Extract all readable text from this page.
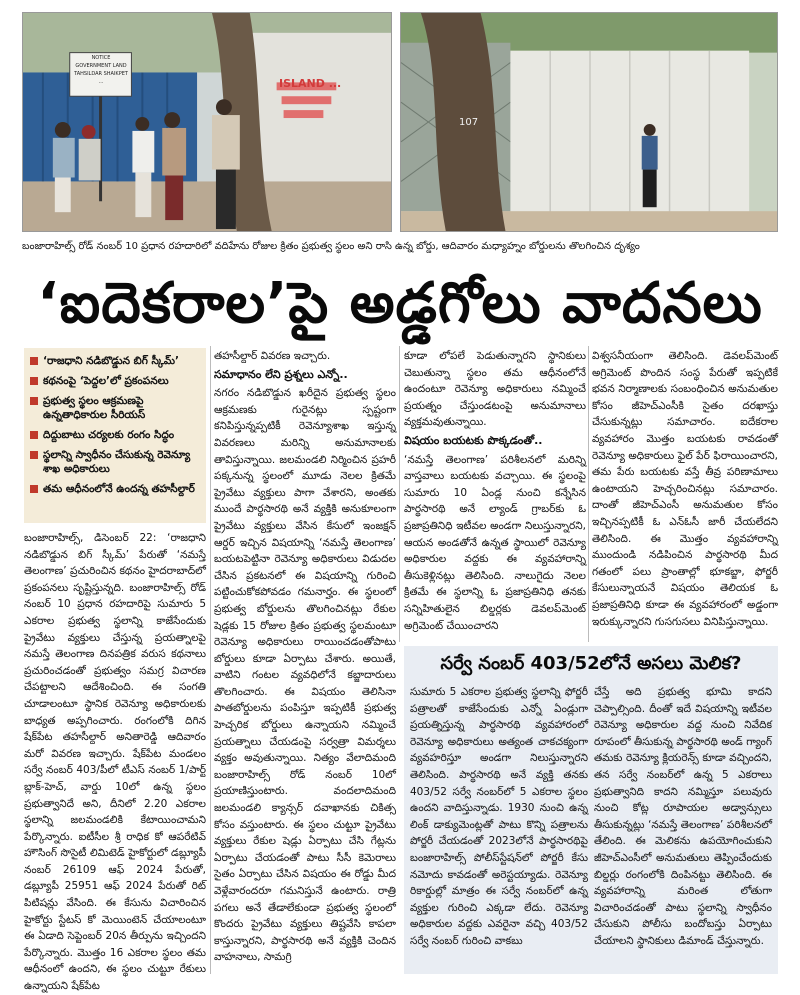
NOTICE
GOVERNMENT LAND
TAHSILDAR SHAIKPET
...	ISLAND ...
107
బంజారాహిల్స్ రోడ్ నంబర్ 10 ప్రధాన రహదారిలో వదిహేను రోజుల క్రితం ప్రభుత్వ స్థలం అని రాసి ఉన్న బోర్డు, ఆదివారం మధ్యాహ్నం బోర్డులను తొలగించిన దృశ్యం
‘ఐదెకరాల’పై అడ్డగోలు వాదనలు
‘రాజధాని నడిబొడ్డున బిగ్ స్కీమ్’
కథనంపై ‘పెద్దల’లో ప్రకంపనలు
ప్రభుత్వ స్థలం ఆక్రమణపై ఉన్నతాధికారుల సీరియస్
దిద్దుబాటు చర్యలకు రంగం సిద్ధం
స్థలాన్ని స్వాధీనం చేసుకున్న రెవెన్యూ శాఖ అధికారులు
తమ ఆధీనంలోనే ఉందన్న తహసీల్దార్

బంజారాహిల్స్, డిసెంబర్ 22: ‘రాజధాని నడిబొడ్డున బిగ్ స్కీమ్’ పేరుతో ‘నమస్తే తెలంగాణ’ ప్రచురించిన కథనం హైదరాబాద్‌లో ప్రకంపనలు సృష్టిస్తున్నది. బంజారాహిల్స్ రోడ్ నంబర్ 10 ప్రధాన రహదారిపై సుమారు 5 ఎకరాల ప్రభుత్వ స్థలాన్ని కాజేసేందుకు ప్రైవేటు వ్యక్తులు చేస్తున్న ప్రయత్నాలపై నమస్తే తెలంగాణ దినపత్రిక వరుస కథనాలు ప్రచురించడంతో ప్రభుత్వం సమగ్ర విచారణ చేపట్టాలని ఆదేశించింది. ఈ సంగతి చూడాలంటూ స్థానిక రెవెన్యూ అధికారులకు బాధ్యత అప్పగించారు. రంగంలోకి దిగిన షేక్‌పేట తహసీల్దార్ అనితారెడ్డి ఆదివారం మరో వివరణ ఇచ్చారు. షేక్‌పేట మండలం సర్వే నంబర్ 403/పీలో టీఎస్ నంబర్ 1/పార్ట్ బ్లాక్-హెచ్, వార్డు 10లో ఉన్న స్థలం ప్రభుత్వానిదే అని, దీనిలో 2.20 ఎకరాల స్థలాన్ని జలమండలికి కేటాయించామని పేర్కొన్నారు. ఐటీసీల శ్రీ రాధిక కో ఆపరేటివ్ హౌసింగ్ సొసైటీ లిమిటెడ్ హైకోర్టులో డబ్ల్యూపీ నంబర్ 26109 ఆఫ్ 2024 పేరుతో, డబ్ల్యూపీ 25951 ఆఫ్ 2024 పేరుతో రిట్ పిటిషన్లు వేసింది. ఈ కేసును విచారించిన హైకోర్టు స్టేటస్ కో మెయింటెన్ చేయాలంటూ ఈ ఏడాది సెప్టెంబర్ 20న తీర్పును ఇచ్చిందని పేర్కొన్నారు. మొత్తం 16 ఎకరాల స్థలం తమ ఆధీనంలో ఉందని, ఈ స్థలం చుట్టూ రేకులు ఉన్నాయని షేక్‌పేట

తహసీల్దార్ వివరణ ఇచ్చారు.

సమాధానం లేని ప్రశ్నలు ఎన్నో..

నగరం నడిబొడ్డున ఖరీదైన ప్రభుత్వ స్థలం ఆక్రమణకు గురైనట్లు స్పష్టంగా కనిపిస్తున్నప్పటికీ రెవెన్యూశాఖ ఇస్తున్న వివరణలు మరిన్ని అనుమానాలకు తావిస్తున్నాయి. జలమండలి నిర్మించిన ప్రహరీ పక్కనున్న స్థలంలో మూడు నెలల క్రితమే ప్రైవేటు వ్యక్తులు పాగా వేశారని, అంతకు ముందే పార్థసారథి అనే వ్యక్తికి అనుకూలంగా ప్రైవేటు వ్యక్తులు వేసిన కేసులో ఇంజక్షన్ ఆర్డర్ ఇచ్చిన విషయాన్ని ‘నమస్తే తెలంగాణ’ బయటపెట్టినా రెవెన్యూ అధికారులు విడుదల చేసిన ప్రకటనలో ఈ విషయాన్ని గురించి పట్టించుకోకపోవడం గమనార్హం. ఈ స్థలంలో ప్రభుత్వ బోర్డులను తొలగించినట్లు రేకుల షెడ్లకు 15 రోజుల క్రితం ప్రభుత్వ స్థలమంటూ రెవెన్యూ అధికారులు రాయించడంతోపాటు బోర్డులు కూడా ఏర్పాటు చేశారు. అయితే, వాటిని గంటల వ్యవధిలోనే కబ్జాదారులు తొలగించారు. ఈ విషయం తెలిసినా పాతబోర్డులను పంపిస్తూ ఇప్పటికీ ప్రభుత్వ హెచ్చరిక బోర్డులు ఉన్నాయని నమ్మించే ప్రయత్నాలు చేయడంపై సర్వత్రా విమర్శలు వ్యక్తం అవుతున్నాయి. నిత్యం వేలాదిమంది బంజారాహిల్స్ రోడ్ నంబర్ 10లో ప్రయాణిస్తుంటారు. వందలాదిమంది జలమండలి క్యాన్సర్ దవాఖానకు చికిత్స కోసం వస్తుంటారు. ఈ స్థలం చుట్టూ ప్రైవేటు వ్యక్తులు రేకుల షెడ్లు ఏర్పాటు చేసి గేట్లను ఏర్పాటు చేయడంతో పాటు సీసీ కెమెరాలు సైతం ఏర్పాటు చేసిన విషయం ఈ రోడ్డు మీద వెళ్లేవారందరూ గమనిస్తునే ఉంటారు. రాత్రి పగలు అనే తేడాలేకుండా ప్రభుత్వ స్థలంలో కొందరు ప్రైవేటు వ్యక్తులు తిష్టవేసి కాపలా కాస్తున్నారని, పార్థసారథి అనే వ్యక్తికి చెందిన వాహనాలు, సామగ్రి

కూడా లోపలే పెడుతున్నారని స్థానికులు చెబుతున్నా స్థలం తమ ఆధీనంలోనే ఉందంటూ రెవెన్యూ అధికారులు నమ్మించే ప్రయత్నం చేస్తుండటంపై అనుమానాలు వ్యక్తమవుతున్నాయి.

విషయం బయటకు పొక్కడంతో..

‘నమస్తే తెలంగాణ’ పరిశీలనలో మరిన్ని వాస్తవాలు బయటకు వచ్చాయి. ఈ స్థలంపై సుమారు 10 ఏండ్ల నుంచి కన్నేసిన పార్థసారథి అనే ల్యాండ్ గ్రాబర్‌కు ఓ ప్రజాప్రతినిధి ఇటీవల అండగా నిలుస్తున్నారని, ఆయన అండతోనే ఉన్నత స్థాయిలో రెవెన్యూ అధికారుల వద్దకు ఈ వ్యవహారాన్ని తీసుకెళ్లినట్లు తెలిసింది. నాలుగైదు నెలల క్రితమే ఈ స్థలాన్ని ఓ ప్రజాప్రతినిధి తనకు సన్నిహితులైన బిల్డర్లకు డెవలప్‌మెంట్ అగ్రిమెంట్ చేయించారని

విశ్వసనీయంగా తెలిసింది. డెవలప్‌మెంట్ అగ్రిమెంట్ పొందిన సంస్థ పేరుతో ఇప్పటికే భవన నిర్మాణాలకు సంబంధించిన అనుమతుల కోసం జీహెచ్‌ఎంసీకి సైతం దరఖాస్తు చేసుకున్నట్లు సమాచారం. ఐదేకరాల వ్యవహారం మొత్తం బయటకు రావడంతో రెవెన్యూ అధికారులు ఫైల్ పేర్ ఫిరాయించారని, తమ పేరు బయటకు వస్తే తీవ్ర పరిణామాలు ఉంటాయని హెచ్చరించినట్లు సమాచారం. దాంతో జీహెచ్‌ఎంసీ అనుమతుల కోసం ఇచ్చినప్పటికీ ఓ ఎన్‌ఓసీ జారీ చేయలేదని తెలిసింది. ఈ మొత్తం వ్యవహారాన్ని ముందుండి నడిపించిన పార్థసారథి మీద గతంలో పలు ప్రాంతాల్లో భూకబ్జా, ఫోర్జరీ కేసులున్నాయనే విషయం తెలియక ఓ ప్రజాప్రతినిధి కూడా ఈ వ్యవహారంలో అడ్డంగా ఇరుక్కున్నారని గుసగుసలు వినిపిస్తున్నాయి.

సర్వే నంబర్ 403/52లోనే అసలు మెలిక?

సుమారు 5 ఎకరాల ప్రభుత్వ స్థలాన్ని ఫోర్జరీ పత్రాలతో కాజేసేందుకు ఎన్నో ఏండ్లుగా ప్రయత్నిస్తున్న పార్థసారథి వ్యవహారంలో రెవెన్యూ అధికారులు అత్యంత చాకచక్యంగా వ్యవహరిస్తూ అండగా నిలుస్తున్నారని తెలిసింది. పార్థసారథి అనే వ్యక్తి తనకు 403/52 సర్వే నంబర్‌లో 5 ఎకరాల స్థలం ఉందని వాదిస్తున్నాడు. 1930 నుంచి ఉన్న లింక్ డాక్యుమెంట్లతో పాటు కొన్ని పత్రాలను పోర్జరీ చేయడంతో 2023లోనే పార్థసారథిపై బంజారాహిల్స్ పోలీస్‌స్టేషన్‌లో పోర్జరీ కేసు నమోదు కావడంతో అరెస్టయ్యాడు. రెవెన్యూ రికార్డుల్లో మాత్రం ఈ సర్వే నంబర్‌లో ఉన్న వ్యక్తుల గురించి ఎక్కడా లేదు. రెవెన్యూ అధికారుల వద్దకు ఎవరైనా వచ్చి 403/52 సర్వే నంబర్ గురించి వాకబు

చేస్తే అది ప్రభుత్వ భూమి కాదని చెప్పాల్సింది. దీంతో ఇదే విషయాన్ని ఇటీవల రెవెన్యూ అధికారుల వద్ద నుంచి నివేదిక రూపంలో తీసుకున్న పార్థసారథి అండ్ గ్యాంగ్ తమకు రెవెన్యూ క్లియరెన్స్ కూడా వచ్చిందని, తన సర్వే నంబర్‌లో ఉన్న 5 ఎకరాలు ప్రభుత్వానిది కాదని నమ్మిస్తూ పలువురు నుంచి కోట్ల రూపాయల అడ్వాన్సులు తీసుకున్నట్లు ‘నమస్తే తెలంగాణ’ పరిశీలనలో తేలింది. ఈ మెలికను ఉపయోగించుకుని జీహెచ్‌ఎంసీలో అనుమతులు తెప్పించేందుకు బిల్డర్లు రంగంలోకి దింపినట్టు తెలిసింది. ఈ వ్యవహారాన్ని మరింత లోతుగా విచారించడంతో పాటు స్థలాన్ని స్వాధీనం చేసుకుని పోలీసు బందోబస్తు ఏర్పాటు చేయాలని స్థానికులు డిమాండ్ చేస్తున్నారు.
